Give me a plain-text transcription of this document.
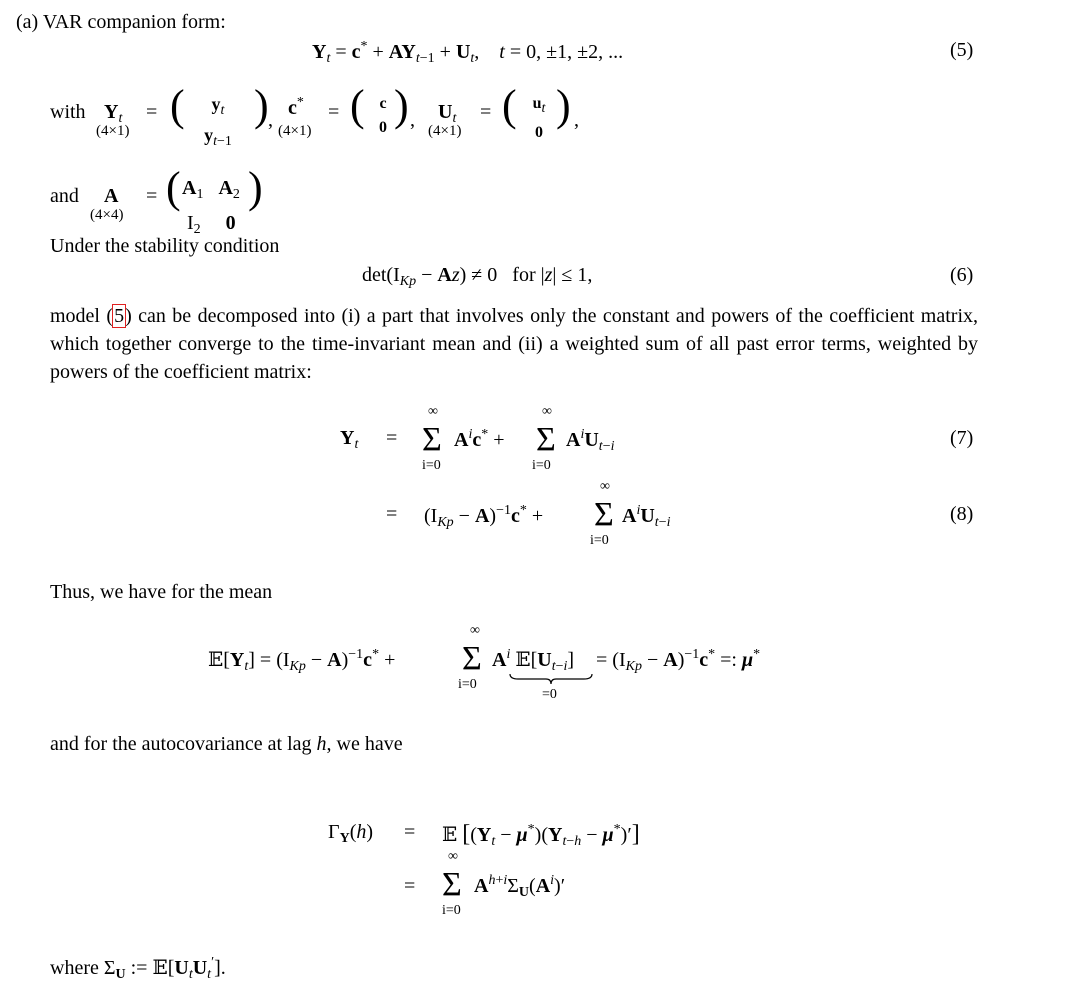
(a) VAR companion form:
$Y_t = c^* + AY_{t-1} + U_t$,    t = 0, ±1, ±2, ...	(5)
with $Y_t$
(4×1)
= (	$y_t$
$y_{t-1}$
) ,
c*
(4×1)
= ( c
0 ) , $U_t$
(4×1)
= ( ut
0
) ,
and A
(4×4)
= ( $A_1$ $A_2$
$I_2$ 0
)
Under the stability condition
$\det(I_{Kp} - Az) \ne 0$   for |z| ≤ 1,	(6)
model (5) can be decomposed into (i) a part that involves only the constant and powers of the coefficient matrix, which together converge to the time-invariant mean and (ii) a weighted sum of all past error terms, weighted by powers of the coefficient matrix:
$Y_t$ =
∞
Σ
i=0
$A^ic^*$ +
∞
Σ
i=0
$A^iU_{t-i}$	(7)
= $(I_{Kp} - A)^{-1}c^*$ +
∞
Σ
i=0
$A^iU_{t-i}$	(8)
Thus, we have for the mean
$𝔼[Y_t] = (I_{Kp} - A)^{-1}c^*$ +
∞
Σ
i=0
$A^i$ $𝔼[U_{t-i}]$
=0
= $(I_{Kp} - A)^{-1}c^*$ =: μ*
and for the autocovariance at lag h, we have
$\Gamma_Y(h)$ = 𝔼 $[(Y_t - \mu^*)(Y_{t-h} - \mu^*)']$
=
∞
Σ
i=0
$A^{h+i}\Sigma_U(A^i)'$
where $\Sigma_U$ := $𝔼[U_tU_t']$.
